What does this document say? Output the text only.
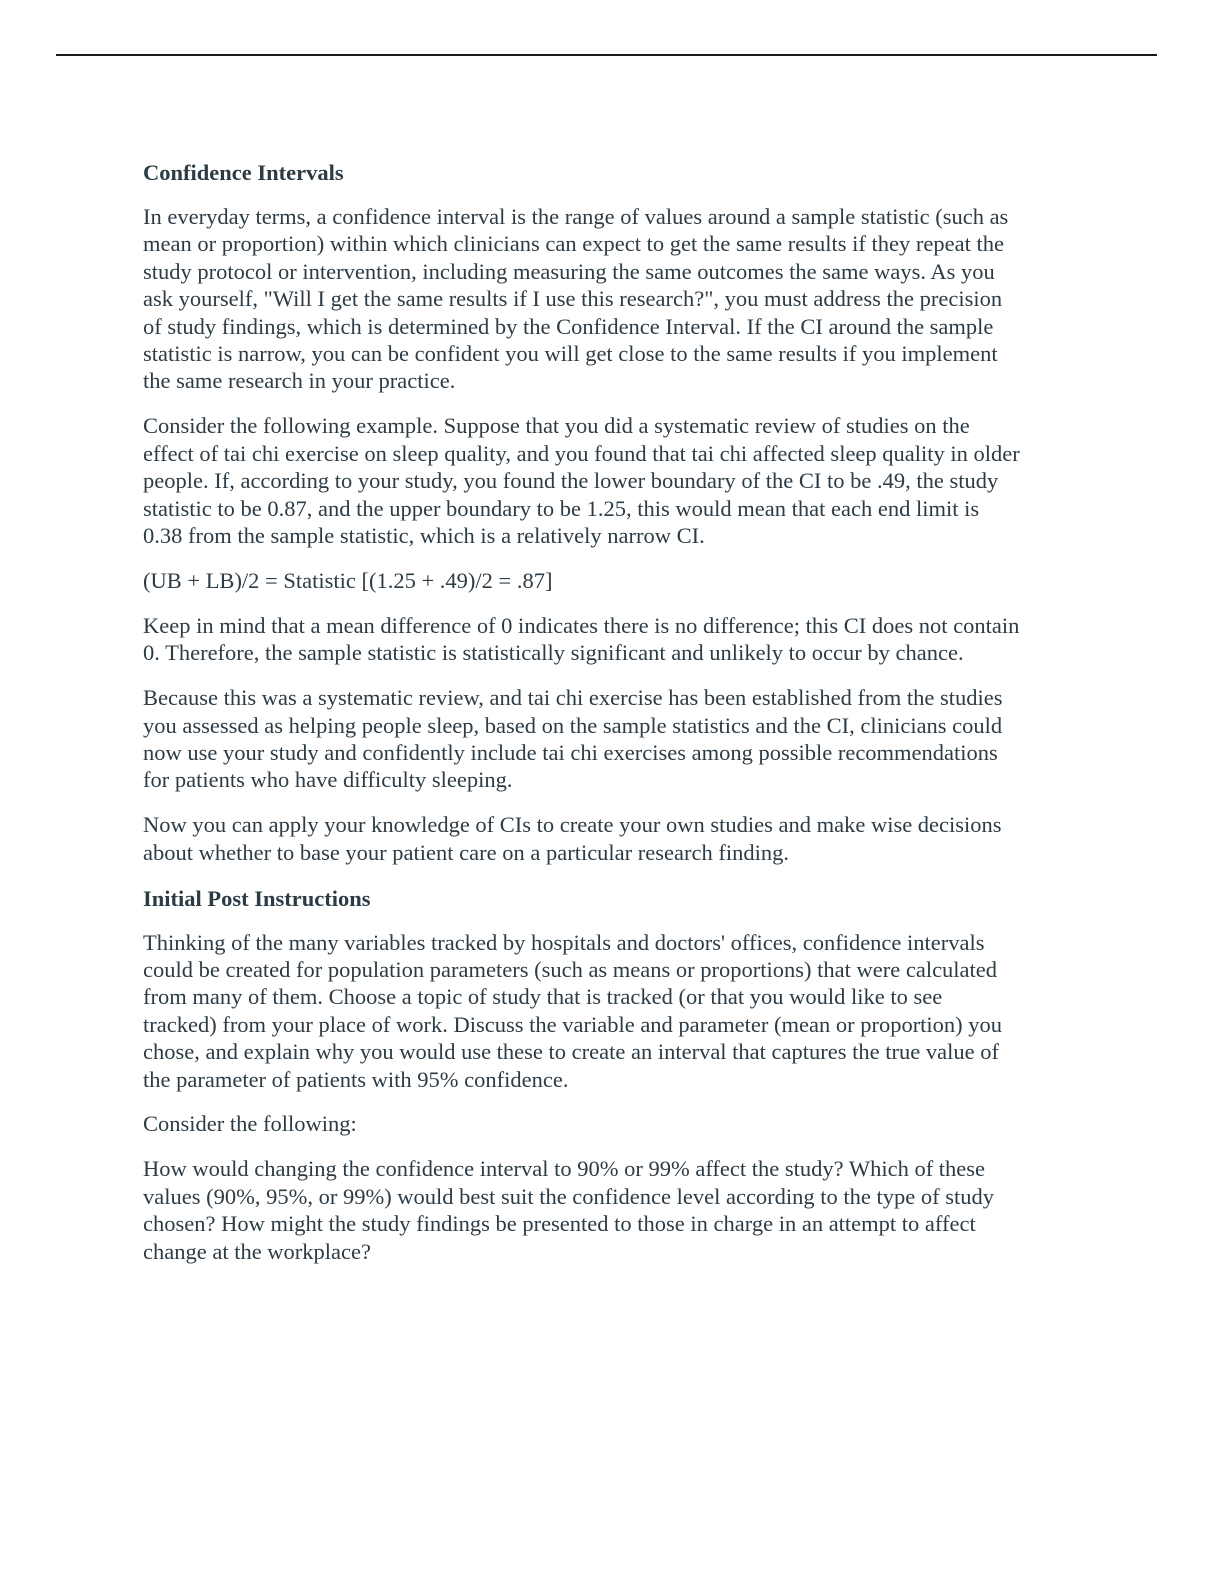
Confidence Intervals

In everyday terms, a confidence interval is the range of values around a sample statistic (such as
mean or proportion) within which clinicians can expect to get the same results if they repeat the
study protocol or intervention, including measuring the same outcomes the same ways. As you
ask yourself, "Will I get the same results if I use this research?", you must address the precision
of study findings, which is determined by the Confidence Interval. If the CI around the sample
statistic is narrow, you can be confident you will get close to the same results if you implement
the same research in your practice.

Consider the following example. Suppose that you did a systematic review of studies on the
effect of tai chi exercise on sleep quality, and you found that tai chi affected sleep quality in older
people. If, according to your study, you found the lower boundary of the CI to be .49, the study
statistic to be 0.87, and the upper boundary to be 1.25, this would mean that each end limit is
0.38 from the sample statistic, which is a relatively narrow CI.

(UB + LB)/2 = Statistic [(1.25 + .49)/2 = .87]

Keep in mind that a mean difference of 0 indicates there is no difference; this CI does not contain
0. Therefore, the sample statistic is statistically significant and unlikely to occur by chance.

Because this was a systematic review, and tai chi exercise has been established from the studies
you assessed as helping people sleep, based on the sample statistics and the CI, clinicians could
now use your study and confidently include tai chi exercises among possible recommendations
for patients who have difficulty sleeping.

Now you can apply your knowledge of CIs to create your own studies and make wise decisions
about whether to base your patient care on a particular research finding.

Initial Post Instructions

Thinking of the many variables tracked by hospitals and doctors' offices, confidence intervals
could be created for population parameters (such as means or proportions) that were calculated
from many of them. Choose a topic of study that is tracked (or that you would like to see
tracked) from your place of work. Discuss the variable and parameter (mean or proportion) you
chose, and explain why you would use these to create an interval that captures the true value of
the parameter of patients with 95% confidence.

Consider the following:

How would changing the confidence interval to 90% or 99% affect the study? Which of these
values (90%, 95%, or 99%) would best suit the confidence level according to the type of study
chosen? How might the study findings be presented to those in charge in an attempt to affect
change at the workplace?
